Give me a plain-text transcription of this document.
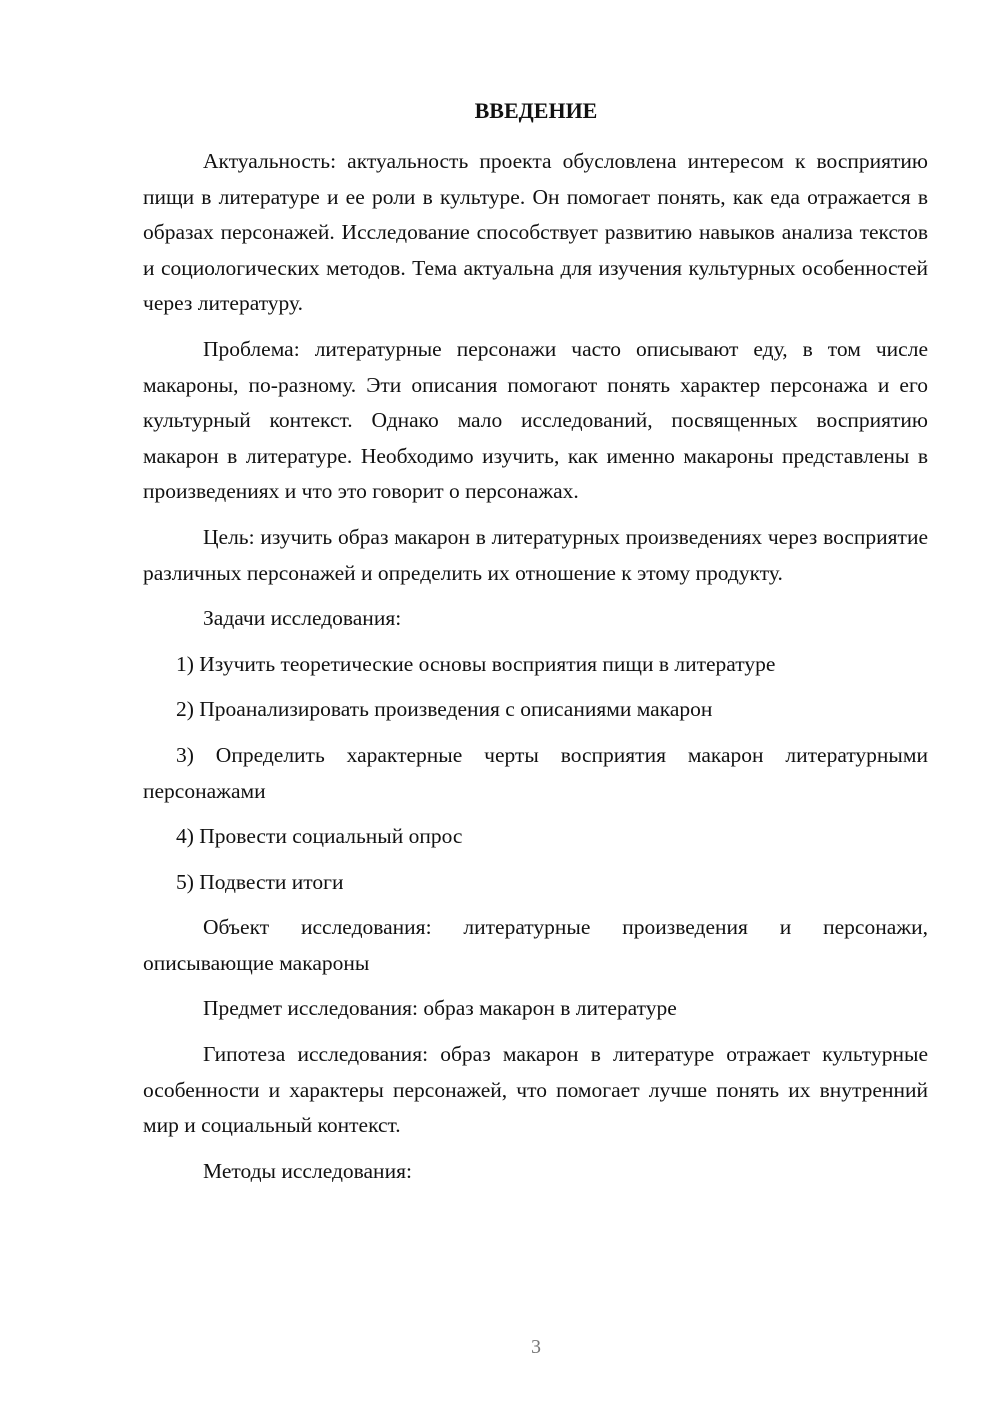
ВВЕДЕНИЕ

Актуальность: актуальность проекта обусловлена интересом к восприятию пищи в литературе и ее роли в культуре. Он помогает понять, как еда отражается в образах персонажей. Исследование способствует развитию навыков анализа текстов и социологических методов. Тема актуальна для изучения культурных особенностей через литературу.

Проблема: литературные персонажи часто описывают еду, в том числе макароны, по-разному. Эти описания помогают понять характер персонажа и его культурный контекст. Однако мало исследований, посвященных восприятию макарон в литературе. Необходимо изучить, как именно макароны представлены в произведениях и что это говорит о персонажах.

Цель: изучить образ макарон в литературных произведениях через восприятие различных персонажей и определить их отношение к этому продукту.

Задачи исследования:

1) Изучить теоретические основы восприятия пищи в литературе

2) Проанализировать произведения с описаниями макарон

3) Определить характерные черты восприятия макарон литературными персонажами

4) Провести социальный опрос

5) Подвести итоги

Объект исследования: литературные произведения и персонажи, описывающие макароны

Предмет исследования: образ макарон в литературе

Гипотеза исследования: образ макарон в литературе отражает культурные особенности и характеры персонажей, что помогает лучше понять их внутренний мир и социальный контекст.

Методы исследования:

3
